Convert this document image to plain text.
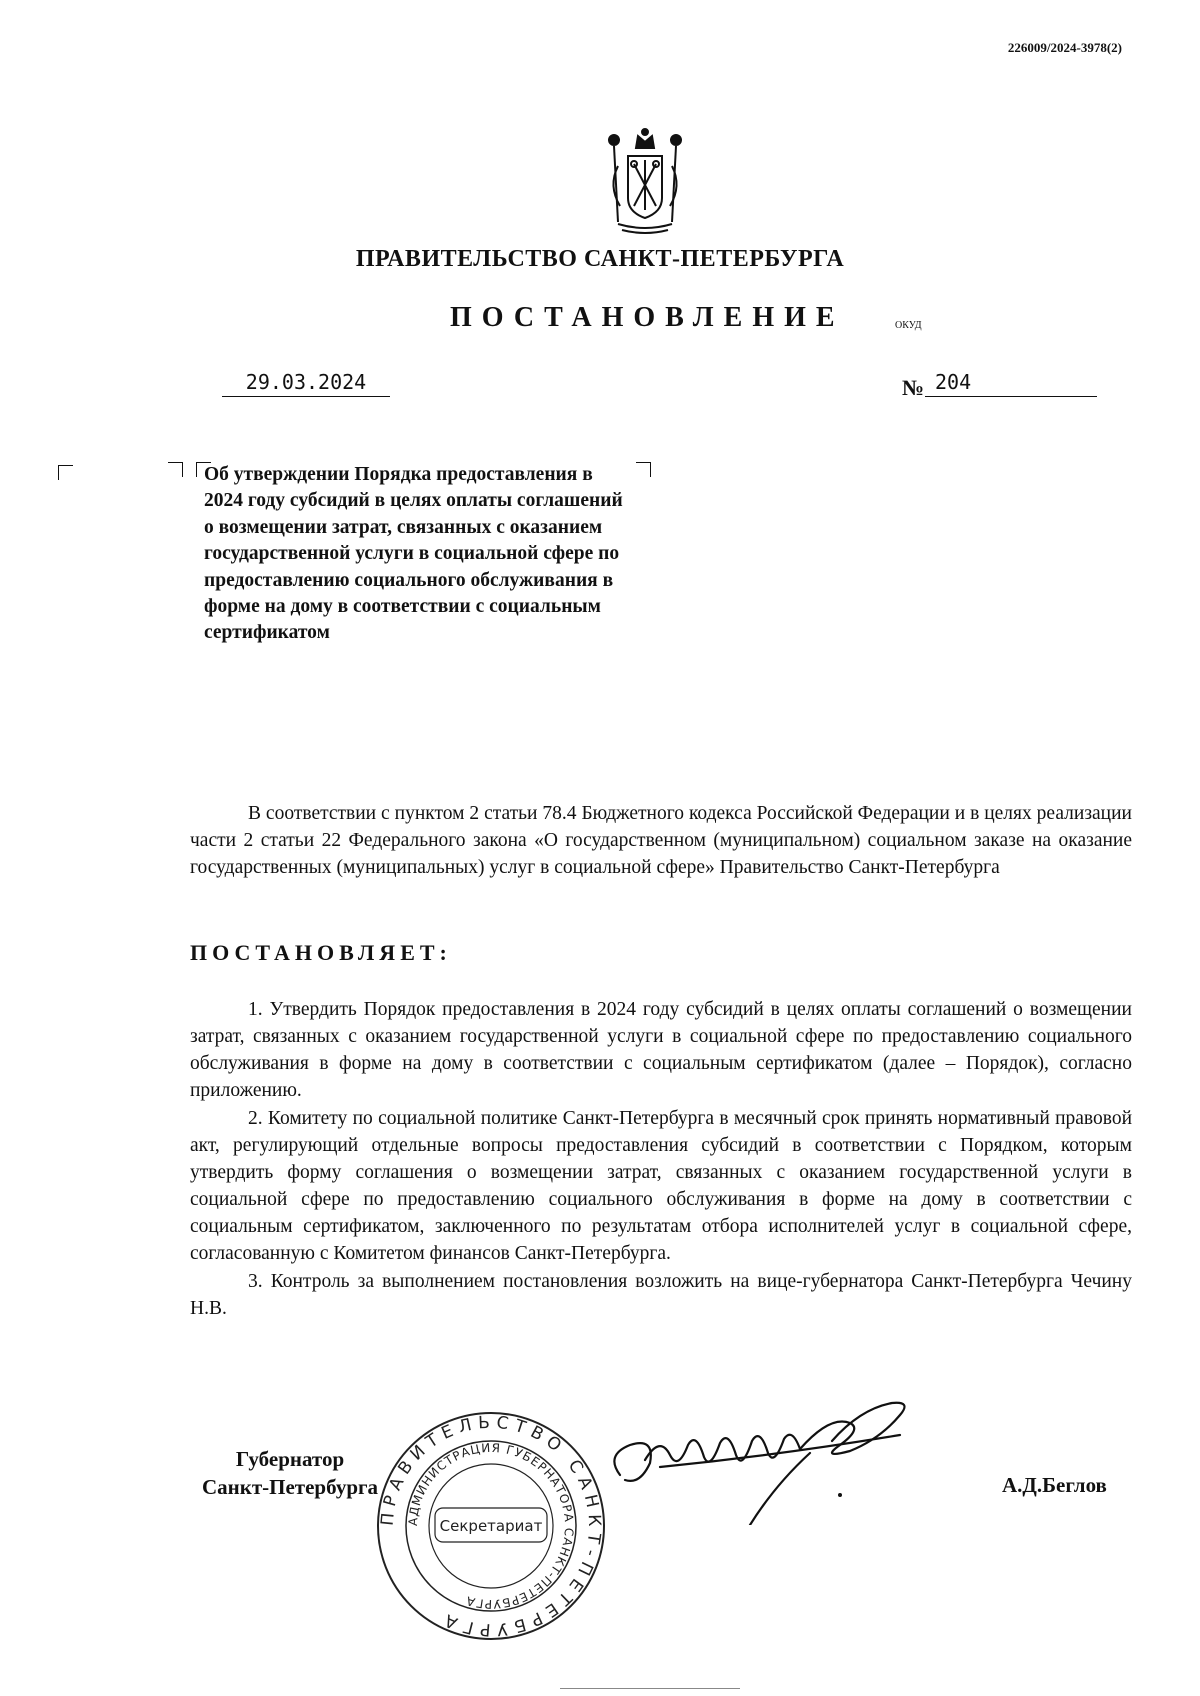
226009/2024-3978(2)
ПРАВИТЕЛЬСТВО САНКТ-ПЕТЕРБУРГА
ПОСТАНОВЛЕНИЕ	ОКУД
29.03.2024	№ 204
Об утверждении Порядка предоставления в 2024 году субсидий в целях оплаты соглашений о возмещении затрат, связанных с оказанием государственной услуги в социальной сфере по предоставлению социального обслуживания в форме на дому в соответствии с социальным сертификатом
В соответствии с пунктом 2 статьи 78.4 Бюджетного кодекса Российской Федерации и в целях реализации части 2 статьи 22 Федерального закона «О государственном (муниципальном) социальном заказе на оказание государственных (муниципальных) услуг в социальной сфере» Правительство Санкт-Петербурга
ПОСТАНОВЛЯЕТ:

1. Утвердить Порядок предоставления в 2024 году субсидий в целях оплаты соглашений о возмещении затрат, связанных с оказанием государственной услуги в социальной сфере по предоставлению социального обслуживания в форме на дому в соответствии с социальным сертификатом (далее – Порядок), согласно приложению.

2. Комитету по социальной политике Санкт-Петербурга в месячный срок принять нормативный правовой акт, регулирующий отдельные вопросы предоставления субсидий в соответствии с Порядком, которым утвердить форму соглашения о возмещении затрат, связанных с оказанием государственной услуги в социальной сфере по предоставлению социального обслуживания в форме на дому в соответствии с социальным сертификатом, заключенного по результатам отбора исполнителей услуг в социальной сфере, согласованную с Комитетом финансов Санкт-Петербурга.

3. Контроль за выполнением постановления возложить на вице-губернатора Санкт-Петербурга Чечину Н.В.

Губернатор
Санкт-Петербурга
ПРАВИТЕЛЬСТВО САНКТ-ПЕТЕРБУРГА
АДМИНИСТРАЦИЯ ГУБЕРНАТОРА САНКТ-ПЕТЕРБУРГА
Секретариат
А.Д.Беглов
